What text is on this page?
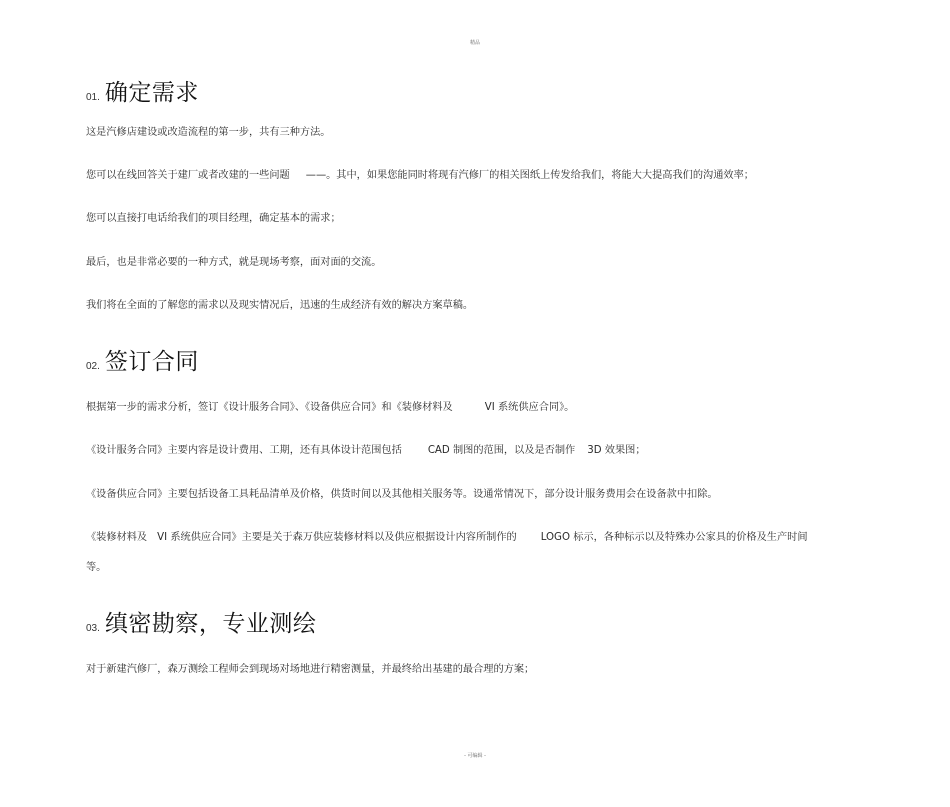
精品
01. 确定需求
这是汽修店建设或改造流程的第一步，共有三种方法。
您可以在线回答关于建厂或者改建的一些问题 ——。其中，如果您能同时将现有汽修厂的相关图纸上传发给我们，将能大大提高我们的沟通效率；
您可以直接打电话给我们的项目经理，确定基本的需求；
最后，也是非常必要的一种方式，就是现场考察，面对面的交流。
我们将在全面的了解您的需求以及现实情况后，迅速的生成经济有效的解决方案草稿。
02. 签订合同
根据第一步的需求分析，签订《设计服务合同》、《设备供应合同》和《装修材料及	VI 系统供应合同》。
《设计服务合同》主要内容是设计费用、工期，还有具体设计范围包括	CAD 制图的范围，以及是否制作 3D 效果图；
《设备供应合同》主要包括设备工具耗品清单及价格，供货时间以及其他相关服务等。设通常情况下，部分设计服务费用会在设备款中扣除。
《装修材料及 VI 系统供应合同》主要是关于森万供应装修材料以及供应根据设计内容所制作的 LOGO 标示，各种标示以及特殊办公家具的价格及生产时间
等。
03. 缜密勘察，专业测绘
对于新建汽修厂，森万测绘工程师会到现场对场地进行精密测量，并最终给出基建的最合理的方案；
- 可编辑 -
